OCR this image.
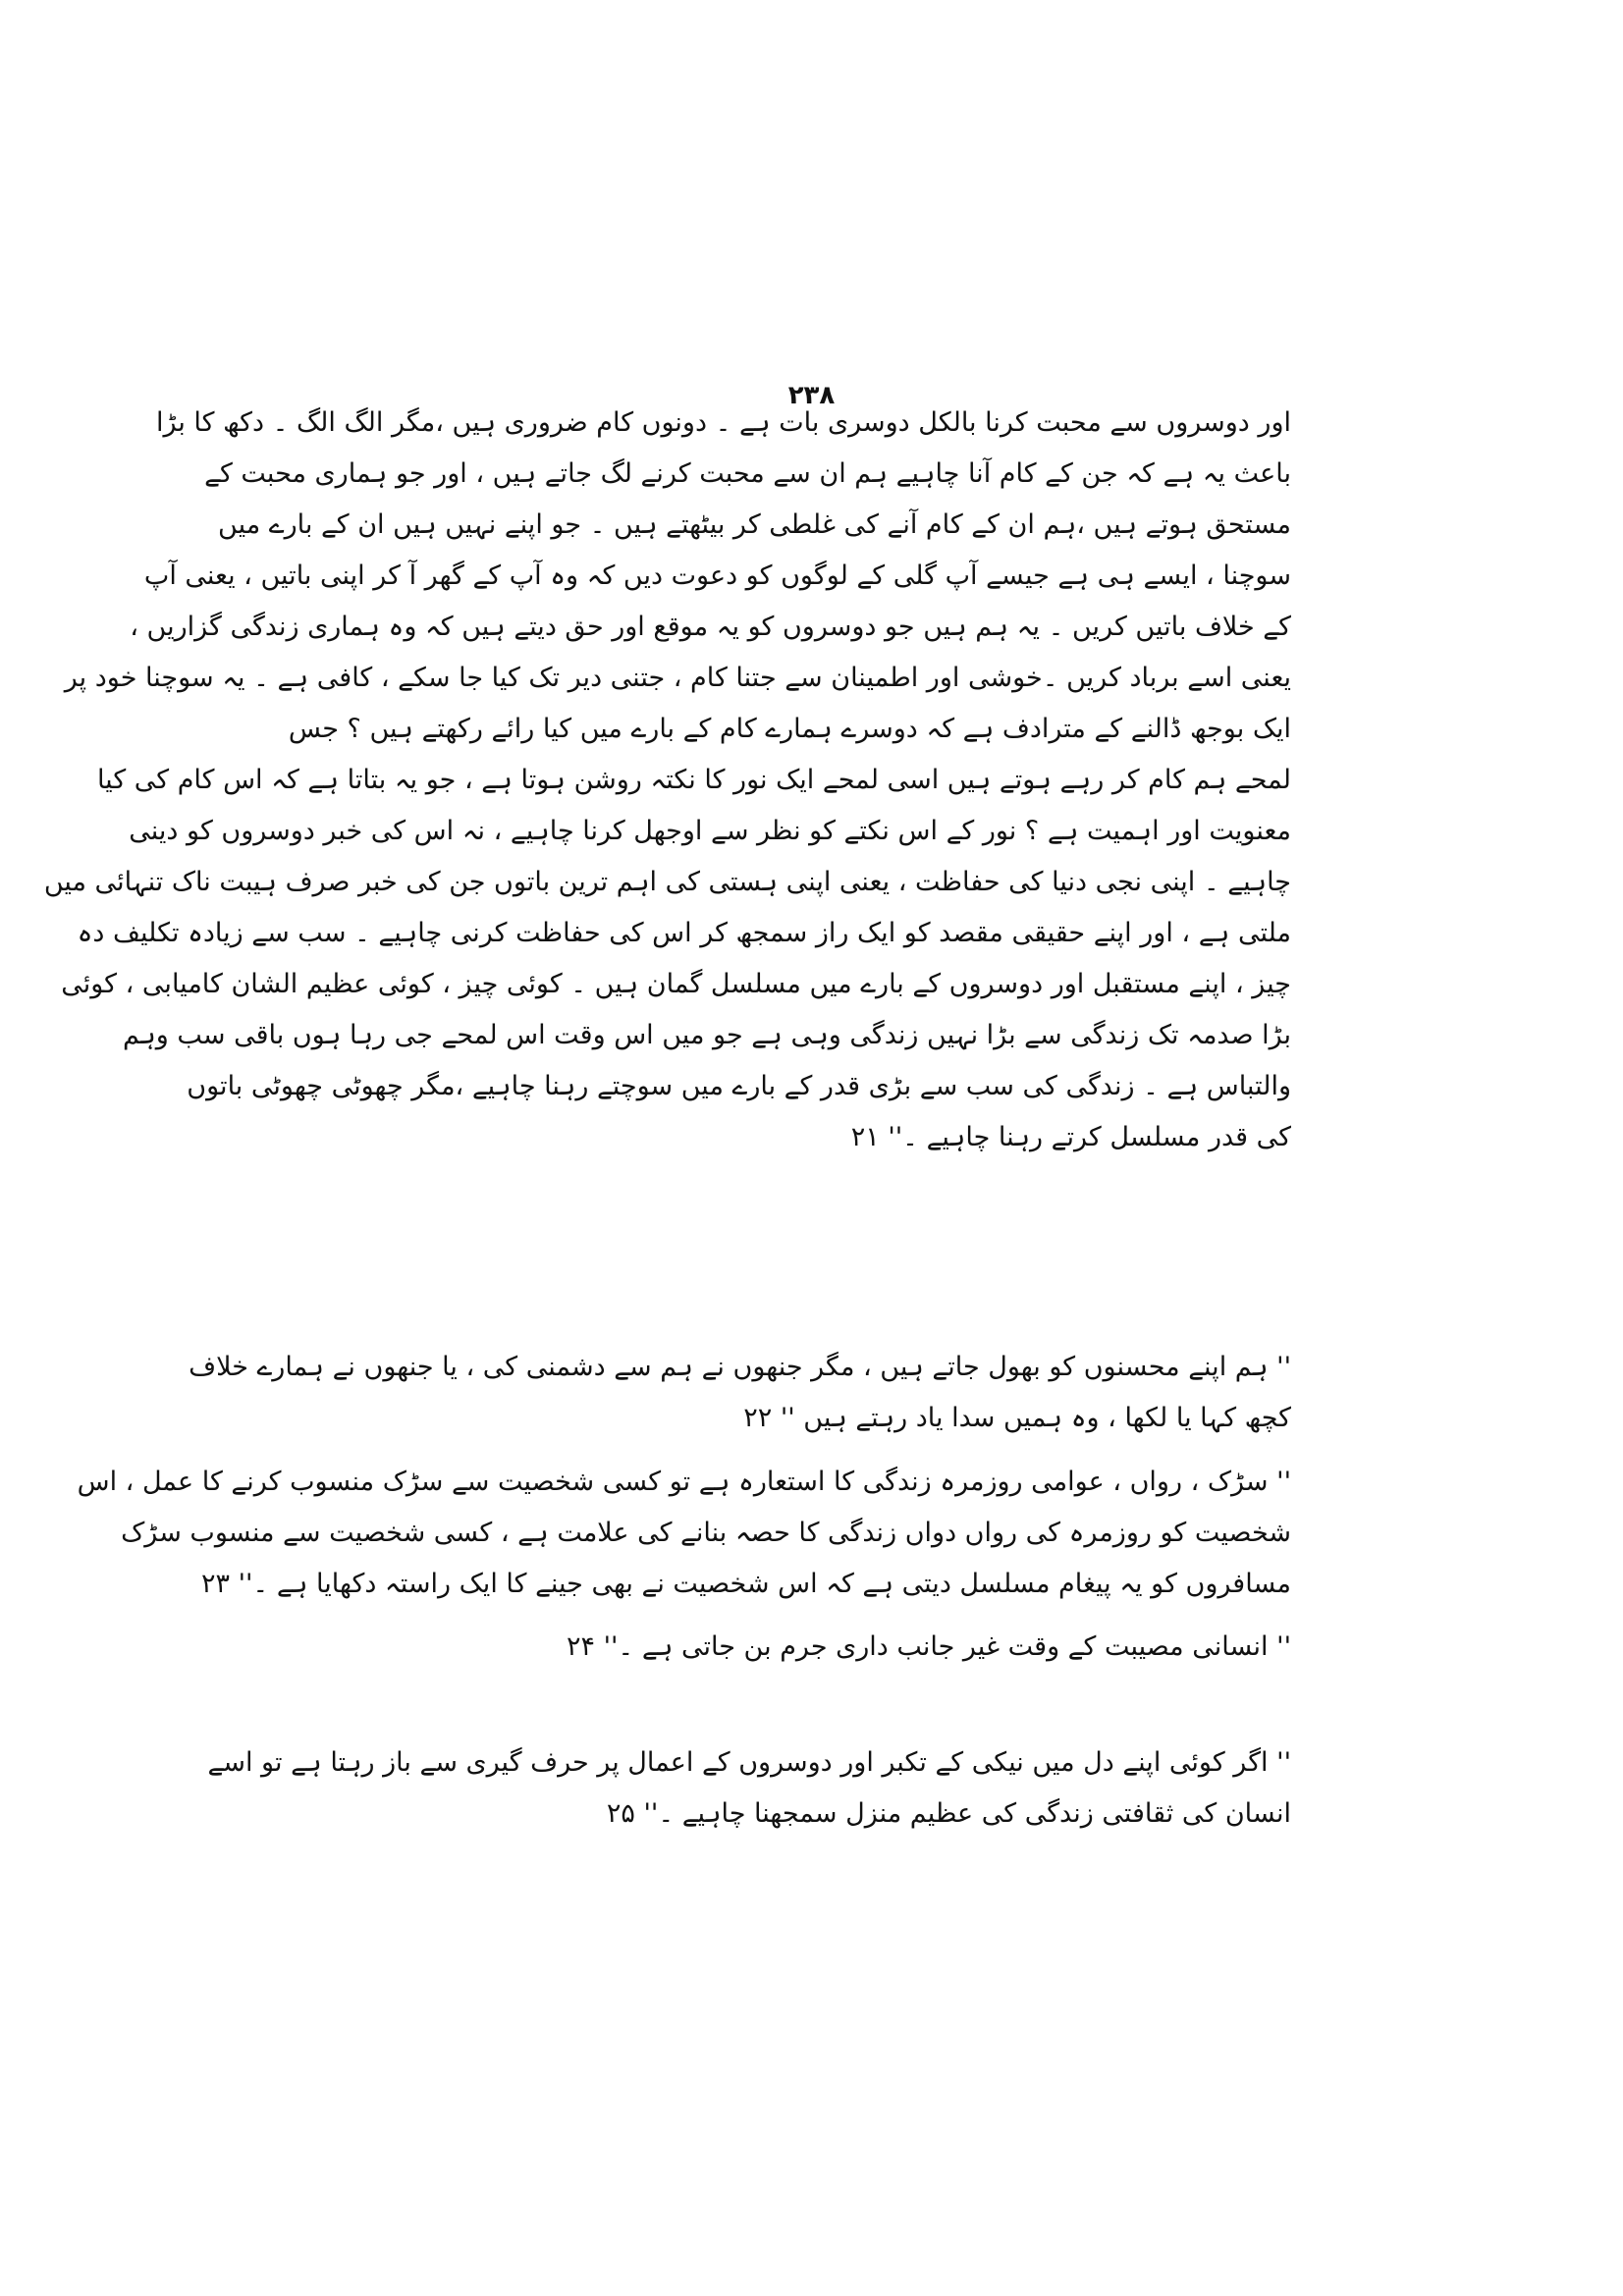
۲۳۸
اور دوسروں سے محبت کرنا بالکل دوسری بات ہے ۔ دونوں کام ضروری ہیں ،مگر الگ الگ ۔ دکھ کا بڑا
باعث یہ ہے کہ جن کے کام آنا چاہیے ہم ان سے محبت کرنے لگ جاتے ہیں ، اور جو ہماری محبت کے
مستحق ہوتے ہیں ،ہم ان کے کام آنے کی غلطی کر بیٹھتے ہیں ۔ جو اپنے نہیں ہیں ان کے بارے میں
سوچنا ، ایسے ہی ہے جیسے آپ گلی کے لوگوں کو دعوت دیں کہ وہ آپ کے گھر آ کر اپنی باتیں ، یعنی آپ
کے خلاف باتیں کریں ۔ یہ ہم ہیں جو دوسروں کو یہ موقع اور حق دیتے ہیں کہ وہ ہماری زندگی گزاریں ،
یعنی اسے برباد کریں ۔خوشی اور اطمینان سے جتنا کام ، جتنی دیر تک کیا جا سکے ، کافی ہے ۔ یہ سوچنا خود پر
ایک بوجھ ڈالنے کے مترادف ہے کہ دوسرے ہمارے کام کے بارے میں کیا رائے رکھتے ہیں ؟ جس
لمحے ہم کام کر رہے ہوتے ہیں اسی لمحے ایک نور کا نکتہ روشن ہوتا ہے ، جو یہ بتاتا ہے کہ اس کام کی کیا
معنویت اور اہمیت ہے ؟ نور کے اس نکتے کو نظر سے اوجھل کرنا چاہیے ، نہ اس کی خبر دوسروں کو دینی
چاہیے ۔ اپنی نجی دنیا کی حفاظت ، یعنی اپنی ہستی کی اہم ترین باتوں جن کی خبر صرف ہیبت ناک تنہائی میں
ملتی ہے ، اور اپنے حقیقی مقصد کو ایک راز سمجھ کر اس کی حفاظت کرنی چاہیے ۔ سب سے زیادہ تکلیف دہ
چیز ، اپنے مستقبل اور دوسروں کے بارے میں مسلسل گمان ہیں ۔ کوئی چیز ، کوئی عظیم الشان کامیابی ، کوئی
بڑا صدمہ تک زندگی سے بڑا نہیں زندگی وہی ہے جو میں اس وقت اس لمحے جی رہا ہوں باقی سب وہم
والتباس ہے ۔ زندگی کی سب سے بڑی قدر کے بارے میں سوچتے رہنا چاہیے ،مگر چھوٹی چھوٹی باتوں
کی قدر مسلسل کرتے رہنا چاہیے ۔'' ۲۱
'' ہم اپنے محسنوں کو بھول جاتے ہیں ، مگر جنھوں نے ہم سے دشمنی کی ، یا جنھوں نے ہمارے خلاف
کچھ کہا یا لکھا ، وہ ہمیں سدا یاد رہتے ہیں '' ۲۲
'' سڑک ، رواں ، عوامی روزمرہ زندگی کا استعارہ ہے تو کسی شخصیت سے سڑک منسوب کرنے کا عمل ، اس
شخصیت کو روزمرہ کی رواں دواں زندگی کا حصہ بنانے کی علامت ہے ، کسی شخصیت سے منسوب سڑک
مسافروں کو یہ پیغام مسلسل دیتی ہے کہ اس شخصیت نے بھی جینے کا ایک راستہ دکھایا ہے ۔'' ۲۳
'' انسانی مصیبت کے وقت غیر جانب داری جرم بن جاتی ہے ۔'' ۲۴
'' اگر کوئی اپنے دل میں نیکی کے تکبر اور دوسروں کے اعمال پر حرف گیری سے باز رہتا ہے تو اسے
انسان کی ثقافتی زندگی کی عظیم منزل سمجھنا چاہیے ۔'' ۲۵
